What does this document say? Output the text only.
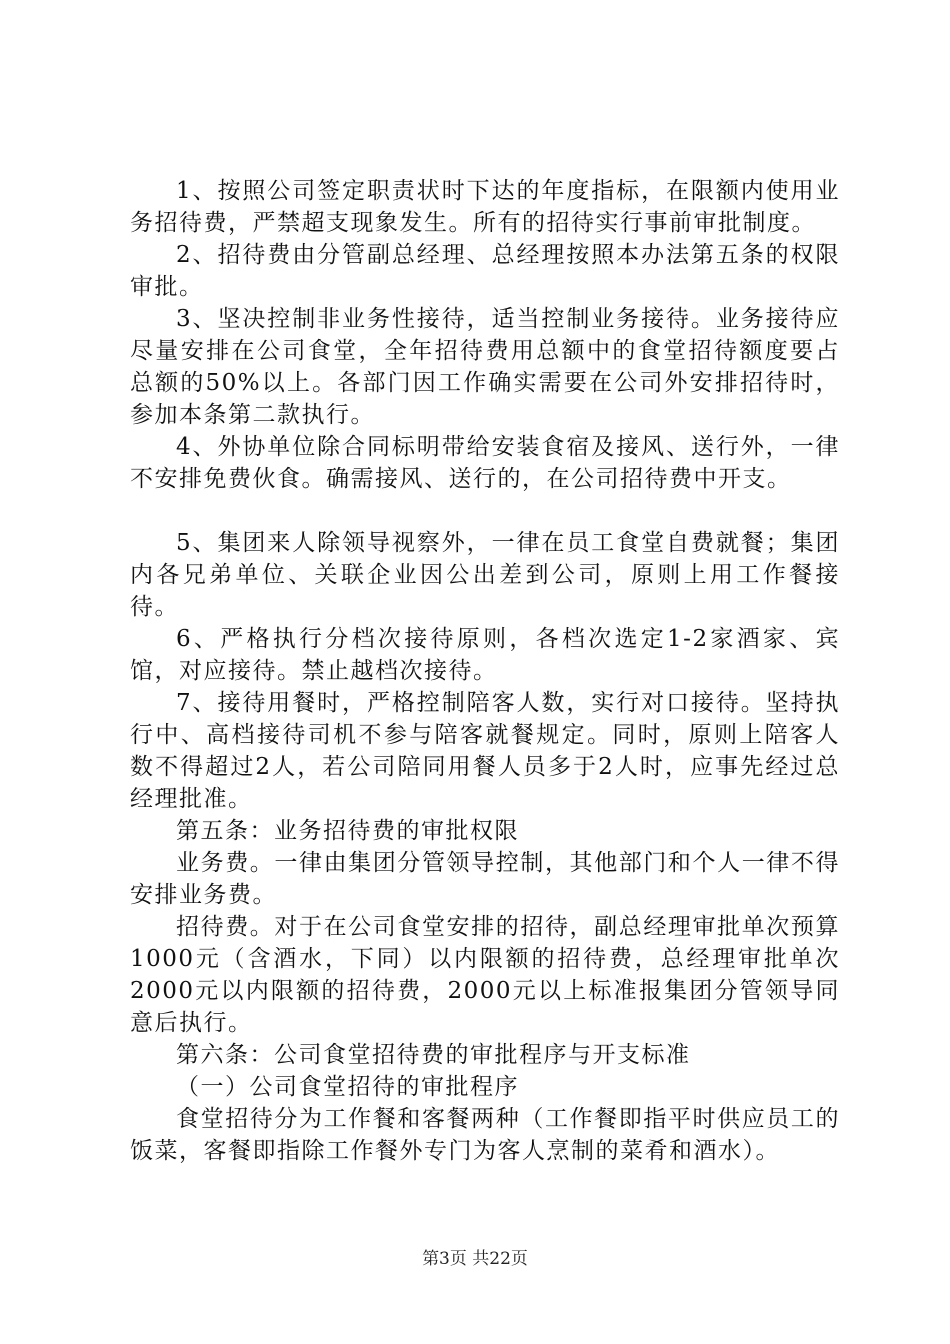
1、按照公司签定职责状时下达的年度指标，在限额内使用业务招待费，严禁超支现象发生。所有的招待实行事前审批制度。

2、招待费由分管副总经理、总经理按照本办法第五条的权限审批。

3、坚决控制非业务性接待，适当控制业务接待。业务接待应尽量安排在公司食堂，全年招待费用总额中的食堂招待额度要占总额的50%以上。各部门因工作确实需要在公司外安排招待时，参加本条第二款执行。

4、外协单位除合同标明带给安装食宿及接风、送行外，一律不安排免费伙食。确需接风、送行的，在公司招待费中开支。

5、集团来人除领导视察外，一律在员工食堂自费就餐；集团内各兄弟单位、关联企业因公出差到公司，原则上用工作餐接待。

6、严格执行分档次接待原则，各档次选定1-2家酒家、宾馆，对应接待。禁止越档次接待。

7、接待用餐时，严格控制陪客人数，实行对口接待。坚持执行中、高档接待司机不参与陪客就餐规定。同时，原则上陪客人数不得超过2人，若公司陪同用餐人员多于2人时，应事先经过总经理批准。

第五条：业务招待费的审批权限

业务费。一律由集团分管领导控制，其他部门和个人一律不得安排业务费。

招待费。对于在公司食堂安排的招待，副总经理审批单次预算1000元（含酒水，下同）以内限额的招待费，总经理审批单次2000元以内限额的招待费，2000元以上标准报集团分管领导同意后执行。

第六条：公司食堂招待费的审批程序与开支标准

（一）公司食堂招待的审批程序

食堂招待分为工作餐和客餐两种（工作餐即指平时供应员工的饭菜，客餐即指除工作餐外专门为客人烹制的菜肴和酒水）。

第3页 共22页
